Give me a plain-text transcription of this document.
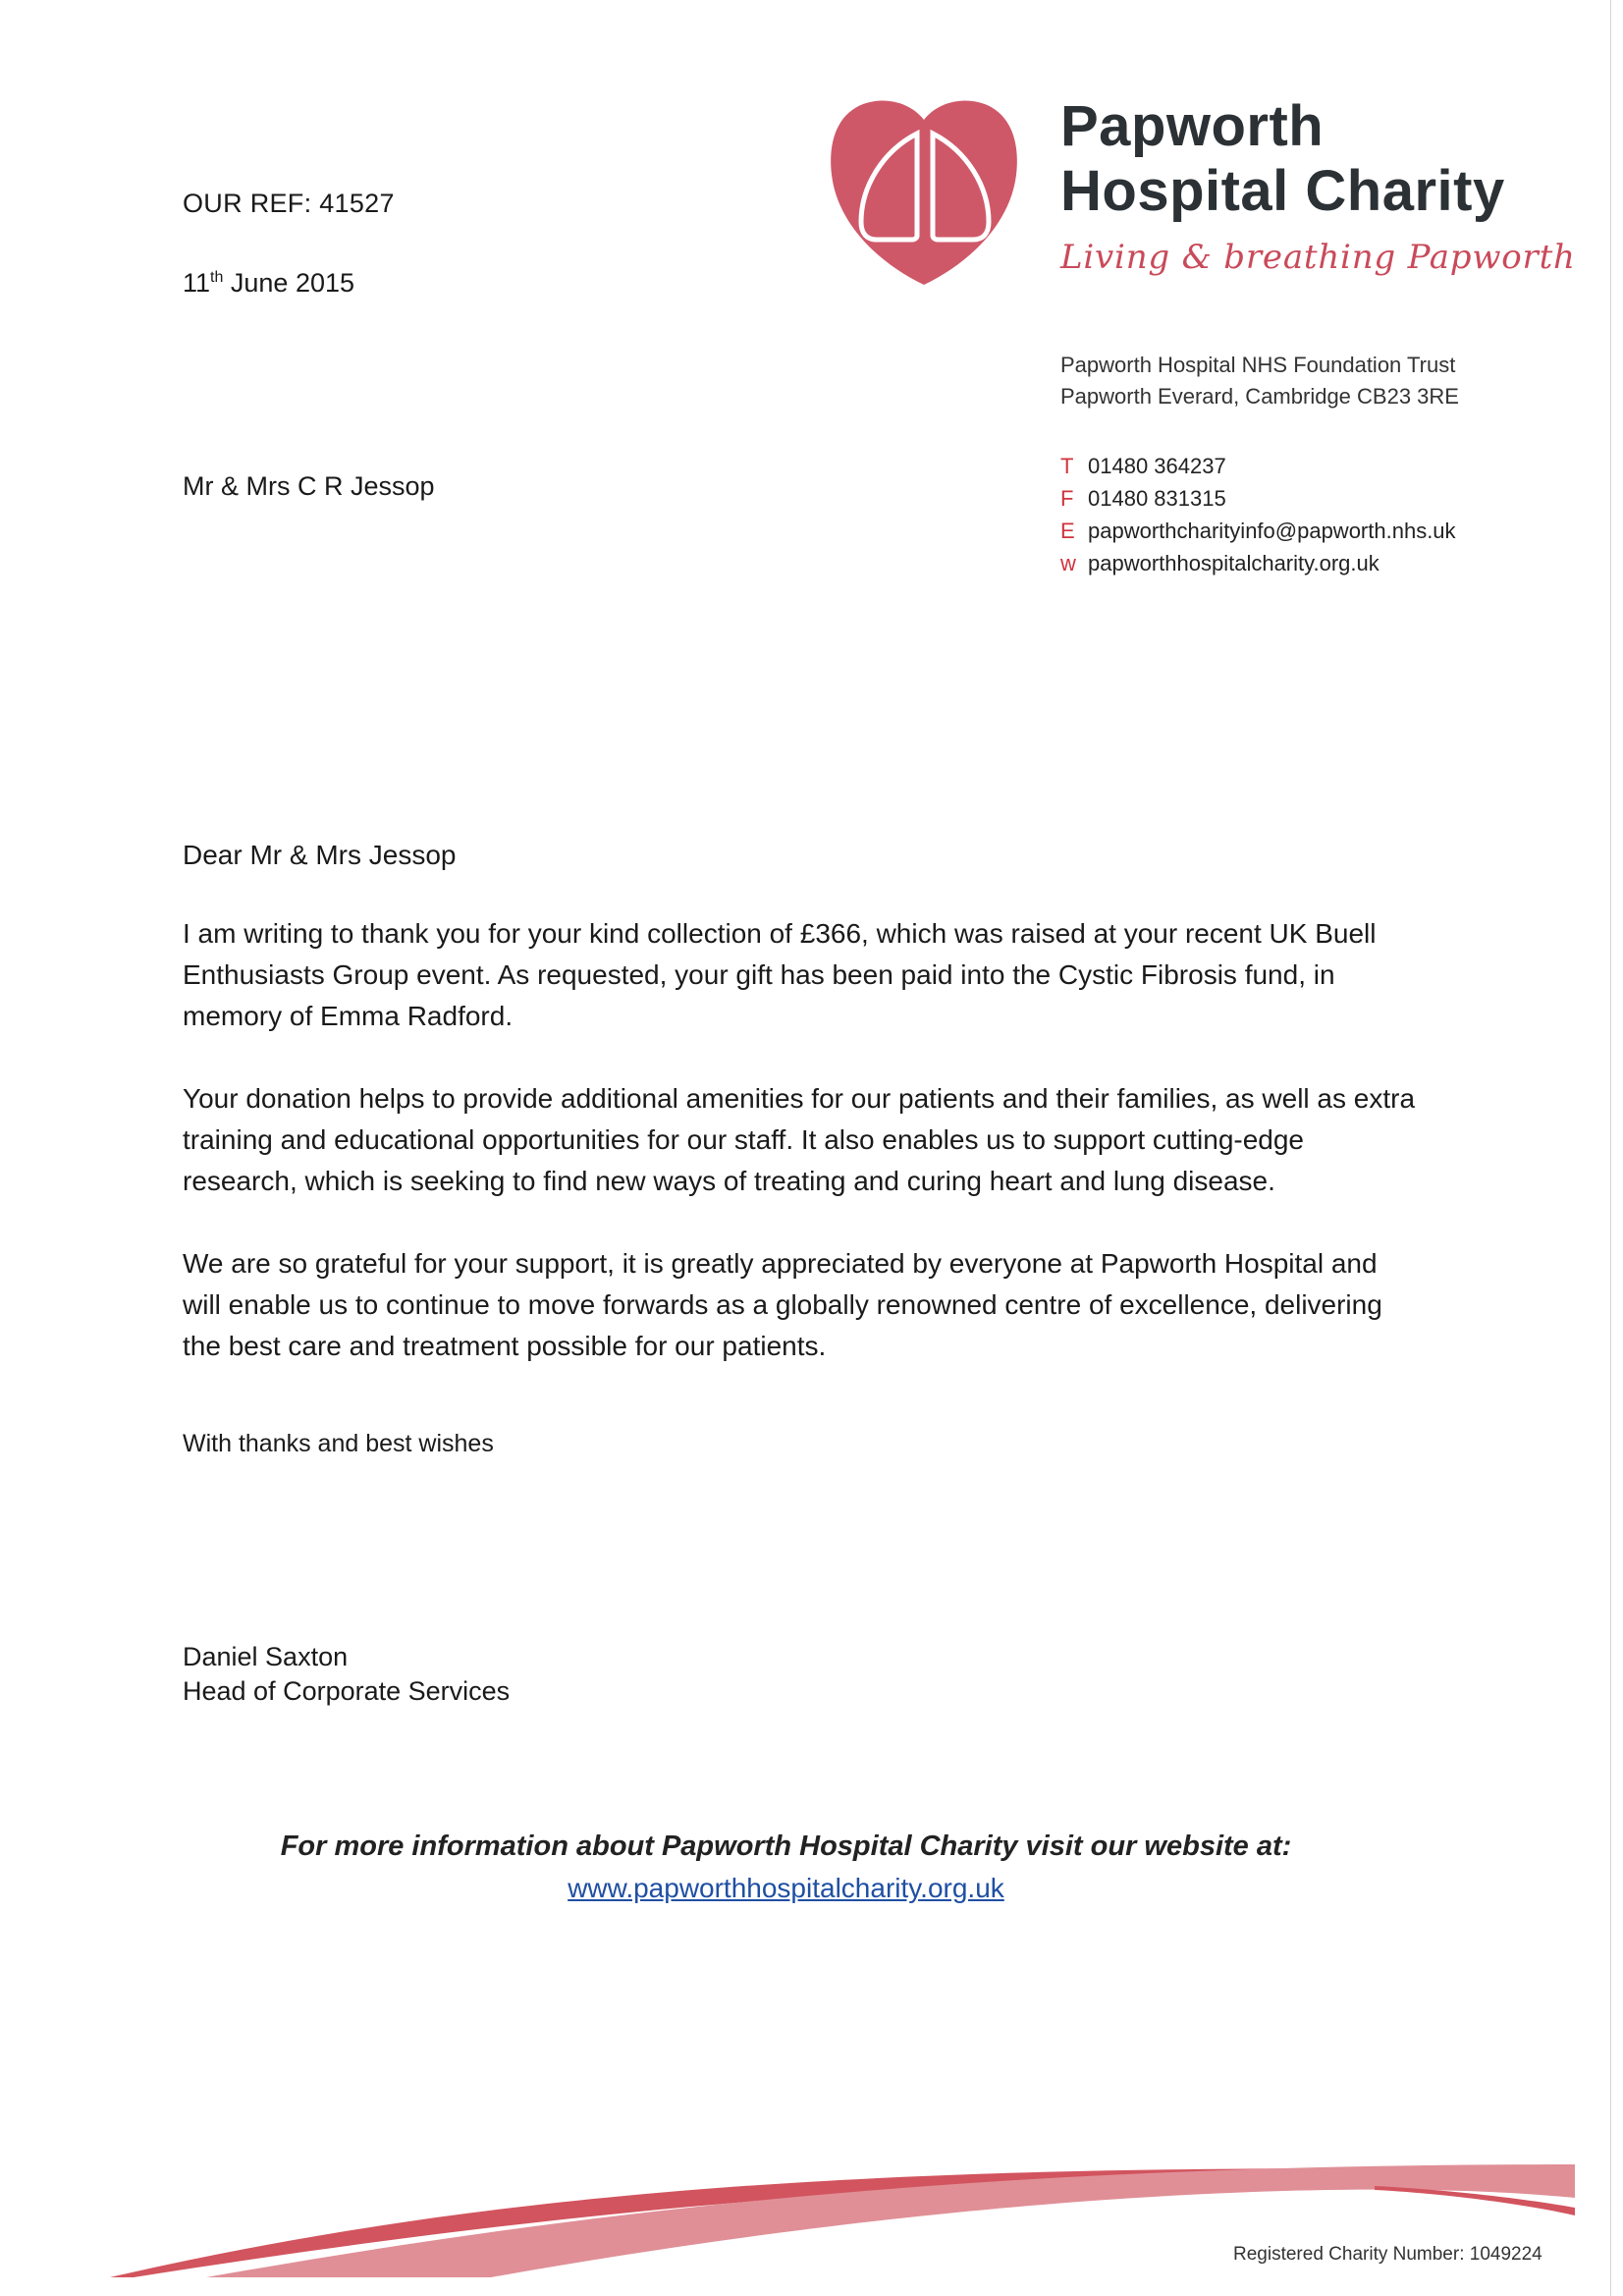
OUR REF: 41527
11th June 2015
Mr & Mrs C R Jessop
Papworth
Hospital Charity
Living & breathing Papworth
Papworth Hospital NHS Foundation Trust
Papworth Everard, Cambridge CB23 3RE
T 01480 364237
F 01480 831315
E papworthcharityinfo@papworth.nhs.uk
w papworthhospitalcharity.org.uk

Dear Mr & Mrs Jessop

I am writing to thank you for your kind collection of £366, which was raised at your recent UK Buell Enthusiasts Group event. As requested, your gift has been paid into the Cystic Fibrosis fund, in memory of Emma Radford.

Your donation helps to provide additional amenities for our patients and their families, as well as extra training and educational opportunities for our staff. It also enables us to support cutting-edge research, which is seeking to find new ways of treating and curing heart and lung disease.

We are so grateful for your support, it is greatly appreciated by everyone at Papworth Hospital and will enable us to continue to move forwards as a globally renowned centre of excellence, delivering the best care and treatment possible for our patients.

With thanks and best wishes
Daniel Saxton
Head of Corporate Services
For more information about Papworth Hospital Charity visit our website at:
www.papworthhospitalcharity.org.uk
Registered Charity Number: 1049224
